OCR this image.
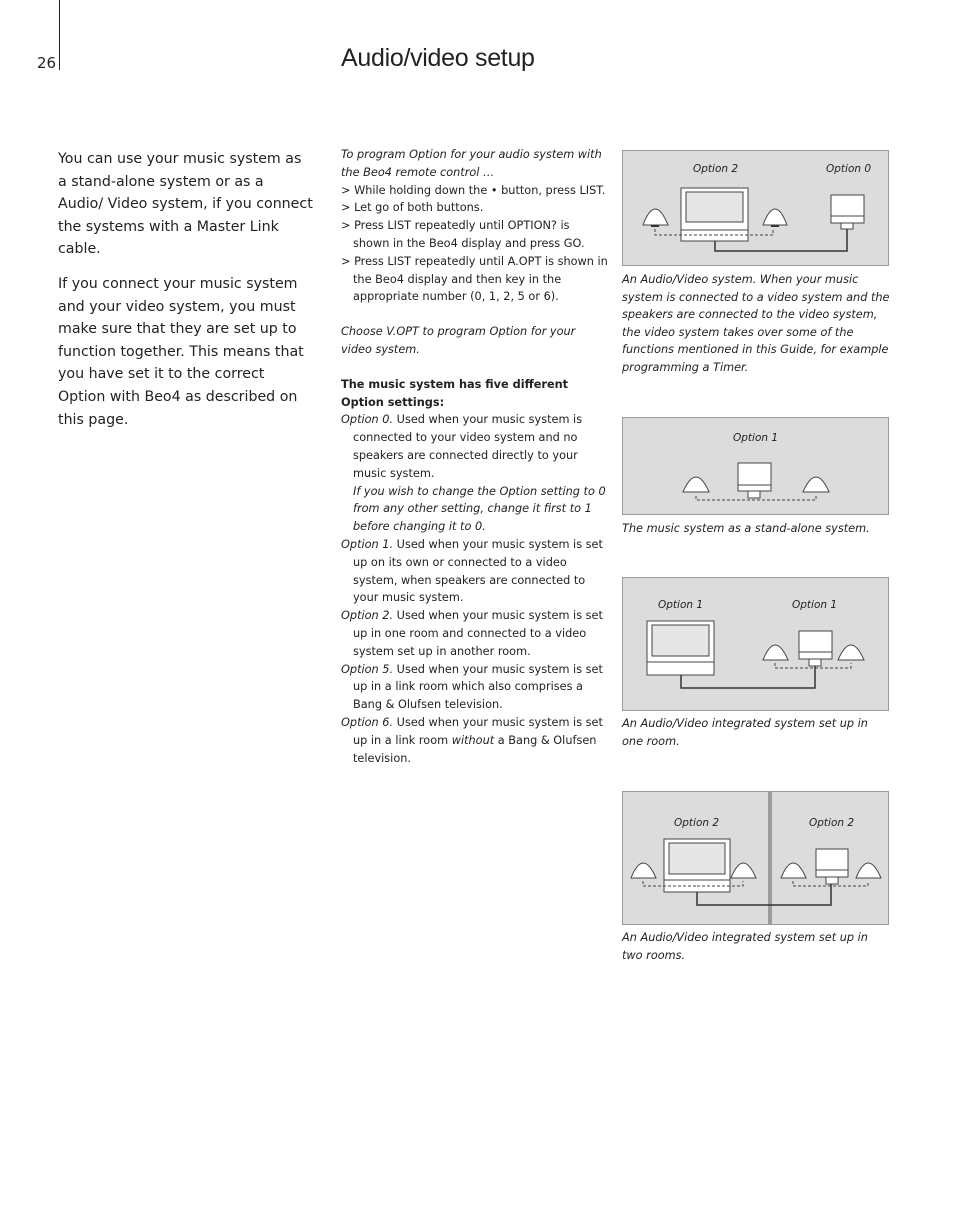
26	Audio/video setup

You can use your music system as a stand-alone system or as a Audio/ Video system, if you connect the systems with a Master Link cable.

If you connect your music system and your video system, you must make sure that they are set up to function together. This means that you have set it to the correct Option with Beo4 as described on this page.

To program Option for your audio system with the Beo4 remote control …

> While holding down the • button, press LIST.

> Let go of both buttons.

> Press LIST repeatedly until OPTION? is shown in the Beo4 display and press GO.

> Press LIST repeatedly until A.OPT is shown in the Beo4 display and then key in the appropriate number (0, 1, 2, 5 or 6).

Choose V.OPT to program Option for your video system.

The music system has five different Option settings:

Option 0. Used when your music system is connected to your video system and no speakers are connected directly to your music system.

If you wish to change the Option setting to 0 from any other setting, change it first to 1 before changing it to 0.

Option 1. Used when your music system is set up on its own or connected to a video system, when speakers are connected to your music system.

Option 2. Used when your music system is set up in one room and connected to a video system set up in another room.

Option 5. Used when your music system is set up in a link room which also comprises a Bang & Olufsen television.

Option 6. Used when your music system is set up in a link room without a Bang & Olufsen television.

Option 2	Option 0
An Audio/Video system. When your music system is connected to a video system and the speakers are connected to the video system, the video system takes over some of the functions mentioned in this Guide, for example programming a Timer.
Option 1
The music system as a stand-alone system.
Option 1	Option 1
An Audio/Video integrated system set up in one room.
Option 2	Option 2
An Audio/Video integrated system set up in two rooms.
